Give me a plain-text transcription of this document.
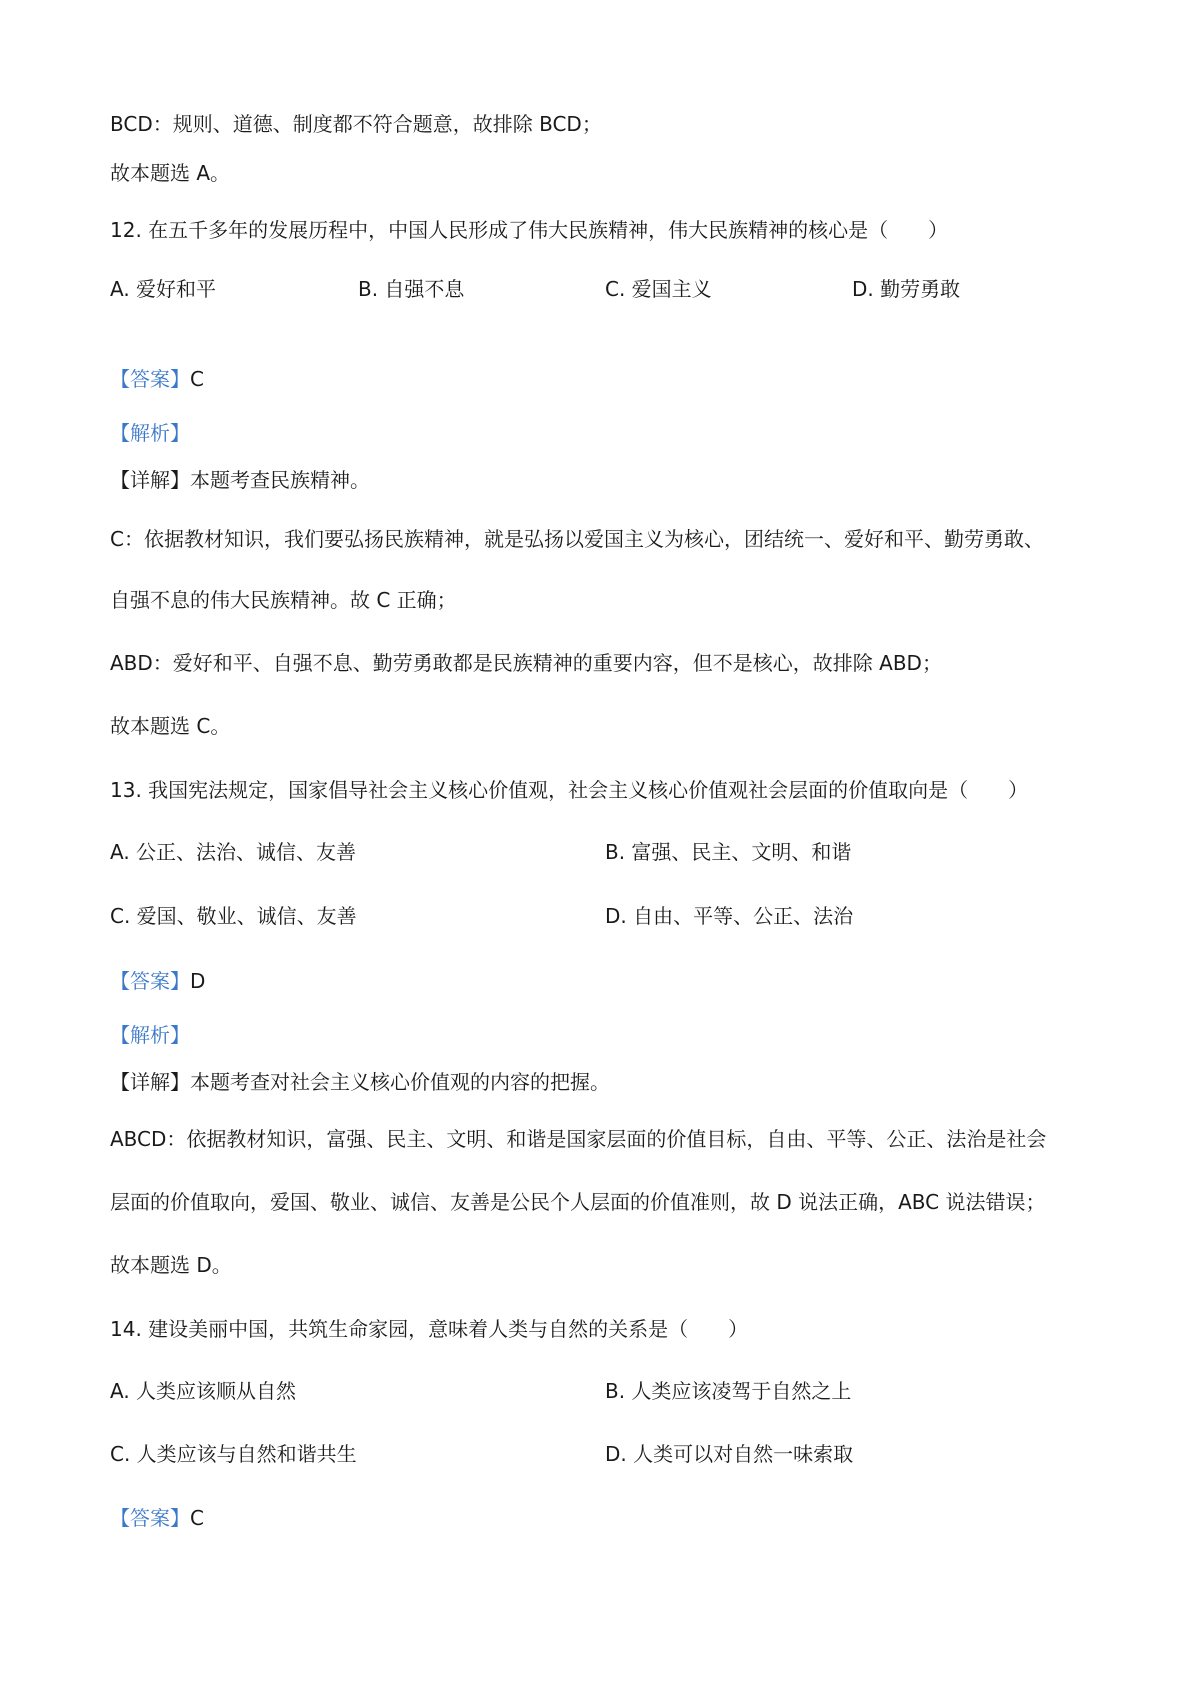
BCD：规则、道德、制度都不符合题意，故排除 BCD；
故本题选 A。
12. 在五千多年的发展历程中，中国人民形成了伟大民族精神，伟大民族精神的核心是（　　）
A. 爱好和平	B. 自强不息	C. 爱国主义	D. 勤劳勇敢
【答案】C
【解析】
【详解】本题考查民族精神。
C：依据教材知识，我们要弘扬民族精神，就是弘扬以爱国主义为核心，团结统一、爱好和平、勤劳勇敢、
自强不息的伟大民族精神。故 C 正确；
ABD：爱好和平、自强不息、勤劳勇敢都是民族精神的重要内容，但不是核心，故排除 ABD；
故本题选 C。
13. 我国宪法规定，国家倡导社会主义核心价值观，社会主义核心价值观社会层面的价值取向是（　　）
A. 公正、法治、诚信、友善	B. 富强、民主、文明、和谐
C. 爱国、敬业、诚信、友善	D. 自由、平等、公正、法治
【答案】D
【解析】
【详解】本题考查对社会主义核心价值观的内容的把握。
ABCD：依据教材知识，富强、民主、文明、和谐是国家层面的价值目标，自由、平等、公正、法治是社会
层面的价值取向，爱国、敬业、诚信、友善是公民个人层面的价值准则，故 D 说法正确，ABC 说法错误；
故本题选 D。
14. 建设美丽中国，共筑生命家园，意味着人类与自然的关系是（　　）
A. 人类应该顺从自然	B. 人类应该凌驾于自然之上
C. 人类应该与自然和谐共生	D. 人类可以对自然一味索取
【答案】C
